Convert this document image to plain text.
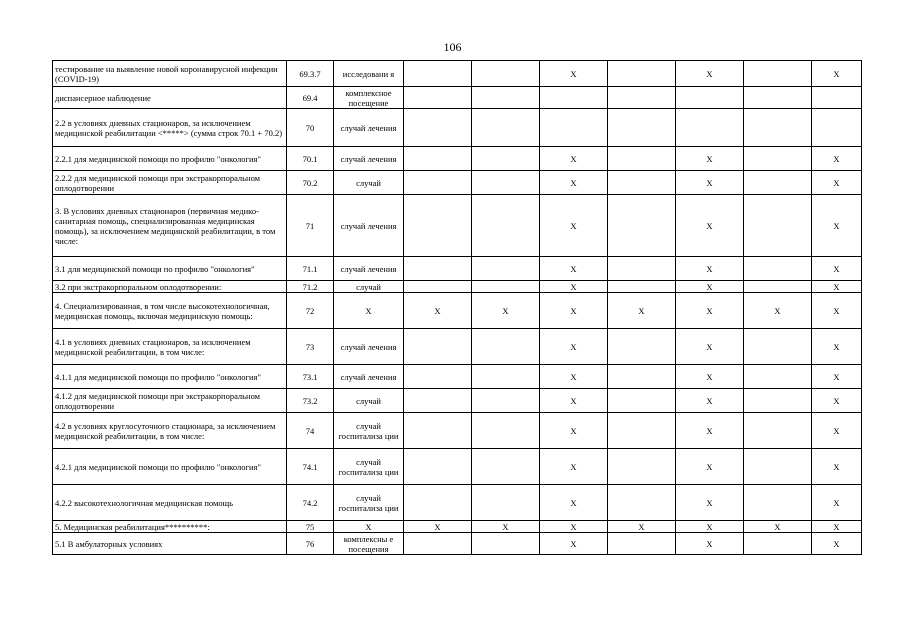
106
тестирование на выявление новой коронавирусной инфекции (COVID-19)	69.3.7	исследовани я			X		X		X
диспансерное наблюдение	69.4	комплексное посещение							
2.2 в условиях дневных стационаров, за исключением медицинской реабилитации <*****> (сумма строк 70.1 + 70.2)	70	случай лечения							
2.2.1 для медицинской помощи по профилю "онкология"	70.1	случай лечения			X		X		X
2.2.2 для медицинской помощи при экстракорпоральном оплодотворении	70.2	случай			X		X		X
3. В условиях дневных стационаров (первичная медико-санитарная помощь, специализированная медицинская помощь), за исключением медицинской реабилитации, в том числе:	71	случай лечения			X		X		X
3.1 для медицинской помощи по профилю "онкология"	71.1	случай лечения			X		X		X
3.2 при экстракорпоральном оплодотворении:	71.2	случай			X		X		X
4. Специализированная, в том числе высокотехнологичная, медицинская помощь, включая медицинскую помощь:	72	X	X	X	X	X	X	X	X
4.1 в условиях дневных стационаров, за исключением медицинской реабилитации, в том числе:	73	случай лечения			X		X		X
4.1.1 для медицинской помощи по профилю "онкология"	73.1	случай лечения			X		X		X
4.1.2 для медицинской помощи при экстракорпоральном оплодотворении	73.2	случай			X		X		X
4.2 в условиях круглосуточного стационара, за исключением медицинской реабилитации, в том числе:	74	случай госпитализа ции			X		X		X
4.2.1 для медицинской помощи по профилю "онкология"	74.1	случай госпитализа ции			X		X		X
4.2.2 высокотехнологичная медицинская помощь	74.2	случай госпитализа ции			X		X		X
5. Медицинская реабилитация**********:	75	X	X	X	X	X	X	X	X
5.1 В амбулаторных условиях	76	комплексны е посещения			X		X		X
